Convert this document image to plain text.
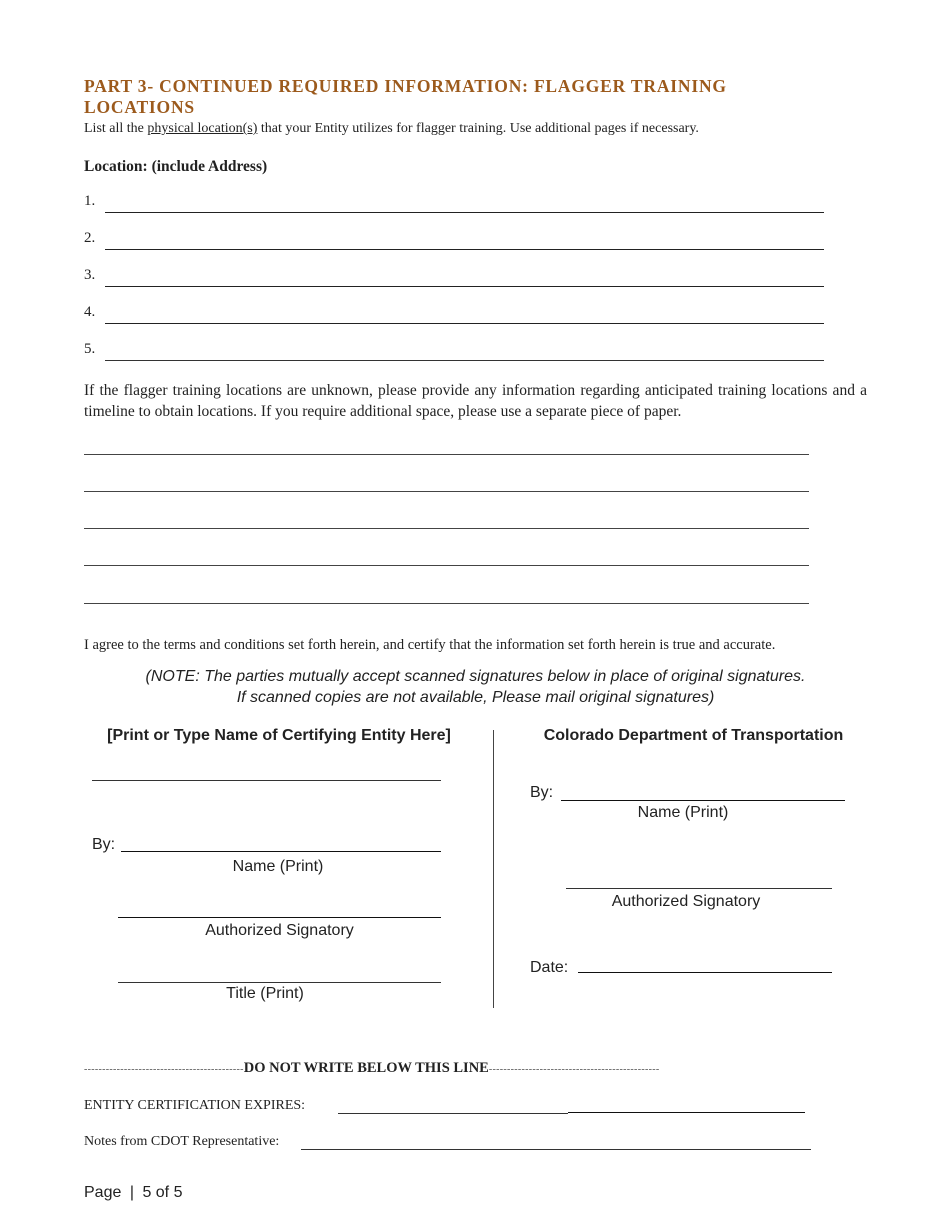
PART 3- CONTINUED REQUIRED INFORMATION: FLAGGER TRAINING
LOCATIONS
List all the physical location(s) that your Entity utilizes for flagger training. Use additional pages if necessary.
Location: (include Address)
1.
2.
3.
4.
5.
If the flagger training locations are unknown, please provide any information regarding anticipated training locations and a timeline to obtain locations. If you require additional space, please use a separate piece of paper.
I agree to the terms and conditions set forth herein, and certify that the information set forth herein is true and accurate.
(NOTE: The parties mutually accept scanned signatures below in place of original signatures.
If scanned copies are not available, Please mail original signatures)
[Print or Type Name of Certifying Entity Here]
By:
Name (Print)
Authorized Signatory
Title (Print)
Colorado Department of Transportation
By:
Name (Print)
Authorized Signatory
Date:
--------------------------------------------DO NOT WRITE BELOW THIS LINE-----------------------------------------------
ENTITY CERTIFICATION EXPIRES:
Notes from CDOT Representative:
Page | 5 of 5
